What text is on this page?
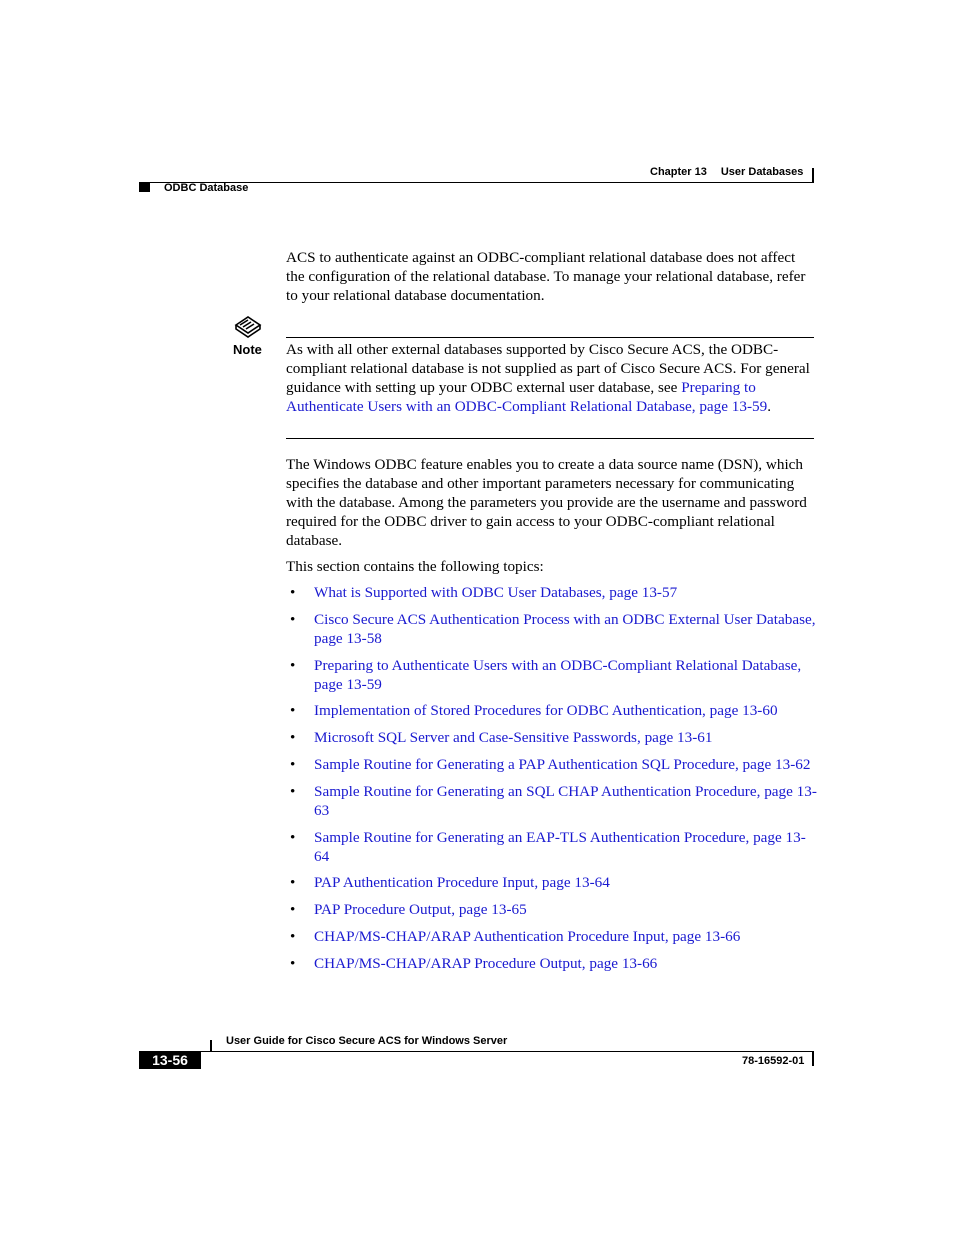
Chapter 13 User Databases
ODBC Database
ACS to authenticate against an ODBC-compliant relational database does not affect the configuration of the relational database. To manage your relational database, refer to your relational database documentation.
Note As with all other external databases supported by Cisco Secure ACS, the ODBC-compliant relational database is not supplied as part of Cisco Secure ACS. For general guidance with setting up your ODBC external user database, see Preparing to Authenticate Users with an ODBC-Compliant Relational Database, page 13-59.
The Windows ODBC feature enables you to create a data source name (DSN), which specifies the database and other important parameters necessary for communicating with the database. Among the parameters you provide are the username and password required for the ODBC driver to gain access to your ODBC-compliant relational database.
This section contains the following topics:
• What is Supported with ODBC User Databases, page 13-57
• Cisco Secure ACS Authentication Process with an ODBC External User Database, page 13-58
• Preparing to Authenticate Users with an ODBC-Compliant Relational Database, page 13-59
• Implementation of Stored Procedures for ODBC Authentication, page 13-60
• Microsoft SQL Server and Case-Sensitive Passwords, page 13-61
• Sample Routine for Generating a PAP Authentication SQL Procedure, page 13-62
• Sample Routine for Generating an SQL CHAP Authentication Procedure, page 13-63
• Sample Routine for Generating an EAP-TLS Authentication Procedure, page 13-64
• PAP Authentication Procedure Input, page 13-64
• PAP Procedure Output, page 13-65
• CHAP/MS-CHAP/ARAP Authentication Procedure Input, page 13-66
• CHAP/MS-CHAP/ARAP Procedure Output, page 13-66
User Guide for Cisco Secure ACS for Windows Server
13-56	78-16592-01
